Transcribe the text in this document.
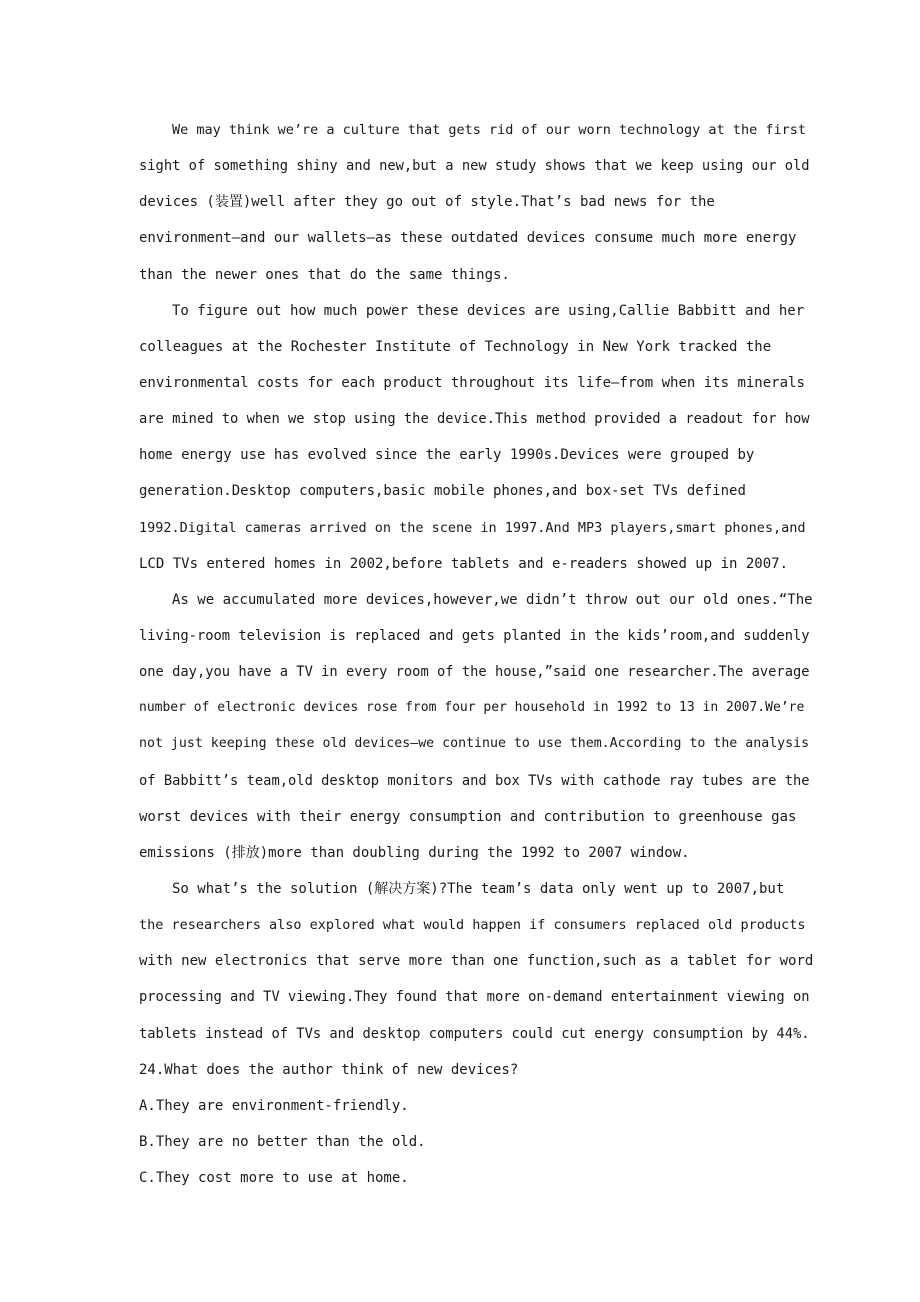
We may think we’re a culture that gets rid of our worn technology at the first
sight of something shiny and new,but a new study shows that we keep using our old
devices (装置)well after they go out of style.That’s bad news for the
environment—and our wallets—as these outdated devices consume much more energy
than the newer ones that do the same things.
To figure out how much power these devices are using,Callie Babbitt and her
colleagues at the Rochester Institute of Technology in New York tracked the
environmental costs for each product throughout its life—from when its minerals
are mined to when we stop using the device.This method provided a readout for how
home energy use has evolved since the early 1990s.Devices were grouped by
generation.Desktop computers,basic mobile phones,and box-set TVs defined
1992.Digital cameras arrived on the scene in 1997.And MP3 players,smart phones,and
LCD TVs entered homes in 2002,before tablets and e-readers showed up in 2007.
As we accumulated more devices,however,we didn’t throw out our old ones.“The
living-room television is replaced and gets planted in the kids’room,and suddenly
one day,you have a TV in every room of the house,”said one researcher.The average
number of electronic devices rose from four per household in 1992 to 13 in 2007.We’re
not just keeping these old devices—we continue to use them.According to the analysis
of Babbitt’s team,old desktop monitors and box TVs with cathode ray tubes are the
worst devices with their energy consumption and contribution to greenhouse gas
emissions (排放)more than doubling during the 1992 to 2007 window.
So what’s the solution (解决方案)?The team’s data only went up to 2007,but
the researchers also explored what would happen if consumers replaced old products
with new electronics that serve more than one function,such as a tablet for word
processing and TV viewing.They found that more on-demand entertainment viewing on
tablets instead of TVs and desktop computers could cut energy consumption by 44%.
24.What does the author think of new devices?
A.They are environment-friendly.
B.They are no better than the old.
C.They cost more to use at home.
